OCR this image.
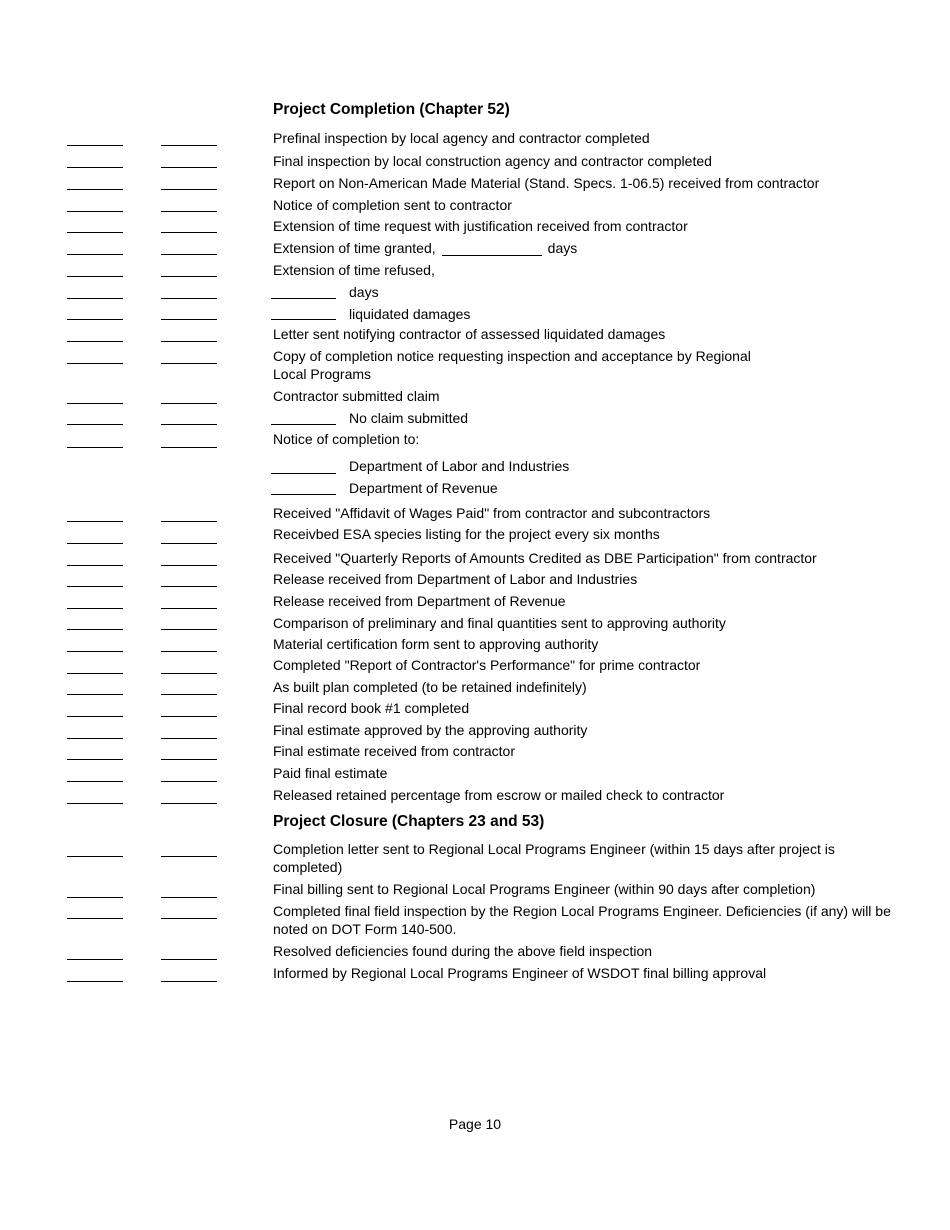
Project Completion (Chapter 52)
Prefinal inspection by local agency and contractor completed
Final inspection by local construction agency and contractor completed
Report on Non-American Made Material (Stand. Specs. 1-06.5) received from contractor
Notice of completion sent to contractor
Extension of time request with justification received from contractor
Extension of time granted,	days
Extension of time refused,
days
liquidated damages
Letter sent notifying contractor of assessed liquidated damages
Copy of completion notice requesting inspection and acceptance by Regional Local Programs
Contractor submitted claim
No claim submitted
Notice of completion to:
Department of Labor and Industries
Department of Revenue
Received "Affidavit of Wages Paid" from contractor and subcontractors
Receivbed ESA species listing for the project every six months
Received "Quarterly Reports of Amounts Credited as DBE Participation" from contractor
Release received from Department of Labor and Industries
Release received from Department of Revenue
Comparison of preliminary and final quantities sent to approving authority
Material certification form sent to approving authority
Completed "Report of Contractor's Performance" for prime contractor
As built plan completed (to be retained indefinitely)
Final record book #1 completed
Final estimate approved by the approving authority
Final estimate received from contractor
Paid final estimate
Released retained percentage from escrow or mailed check to contractor
Project Closure (Chapters 23 and 53)
Completion letter sent to Regional Local Programs Engineer (within 15 days after project is completed)
Final billing sent to Regional Local Programs Engineer (within 90 days after completion)
Completed final field inspection by the Region Local Programs Engineer. Deficiencies (if any) will be noted on DOT Form 140-500.
Resolved deficiencies found during the above field inspection
Informed by Regional Local Programs Engineer of WSDOT final billing approval
Page 10
